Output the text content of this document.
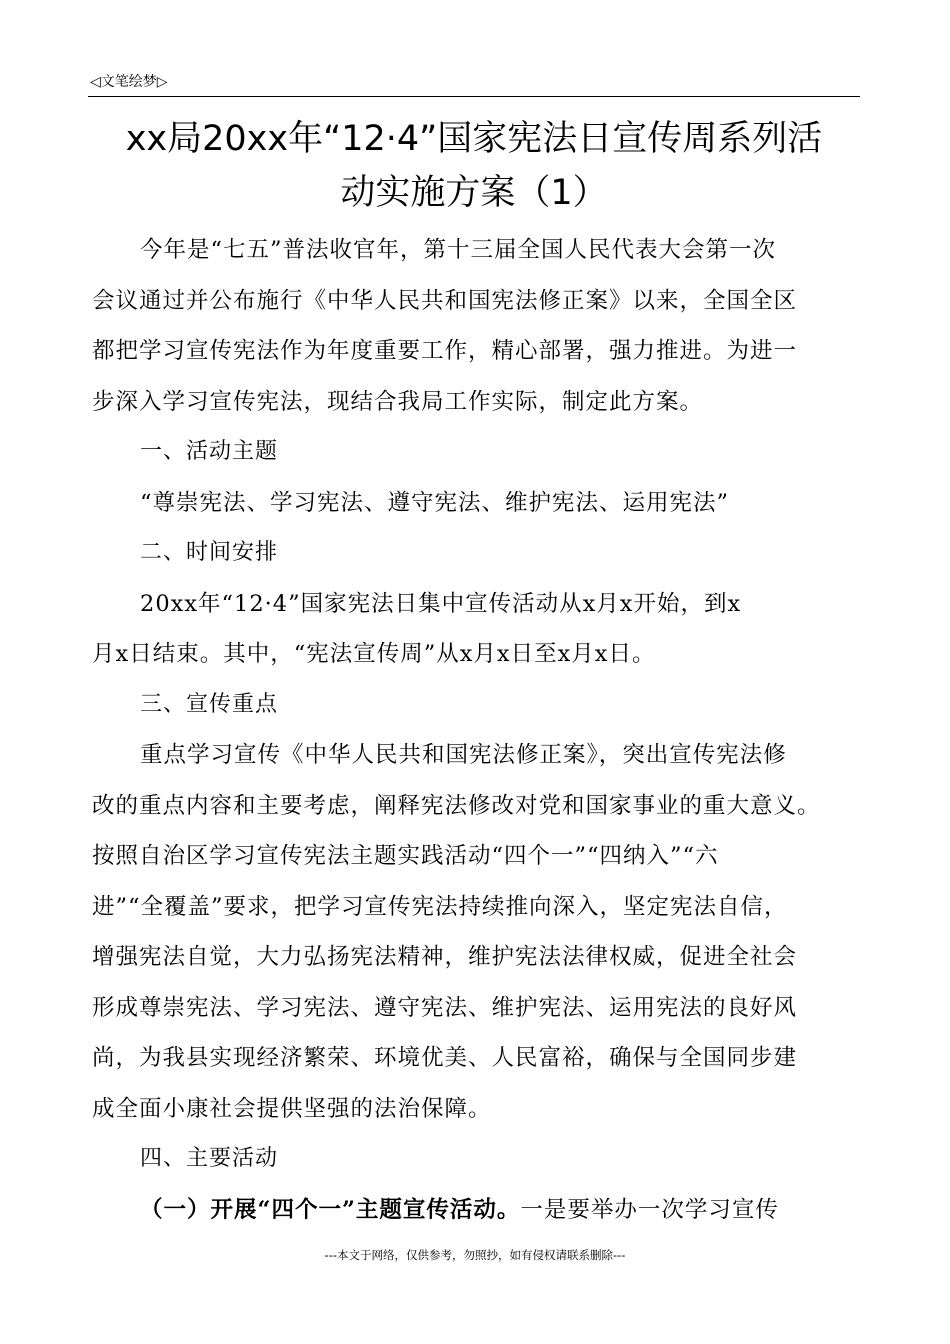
◁文笔绘梦▷
xx局20xx年“12·4”国家宪法日宣传周系列活
动实施方案（1）

今年是“七五”普法收官年，第十三届全国人民代表大会第一次
会议通过并公布施行《中华人民共和国宪法修正案》以来，全国全区
都把学习宣传宪法作为年度重要工作，精心部署，强力推进。为进一
步深入学习宣传宪法，现结合我局工作实际，制定此方案。

一、活动主题

“尊崇宪法、学习宪法、遵守宪法、维护宪法、运用宪法”

二、时间安排

20xx年“12·4”国家宪法日集中宣传活动从x月x开始，到x
月x日结束。其中，“宪法宣传周”从x月x日至x月x日。

三、宣传重点

重点学习宣传《中华人民共和国宪法修正案》，突出宣传宪法修
改的重点内容和主要考虑，阐释宪法修改对党和国家事业的重大意义。
按照自治区学习宣传宪法主题实践活动“四个一”“四纳入”“六
进”“全覆盖”要求，把学习宣传宪法持续推向深入，坚定宪法自信，
增强宪法自觉，大力弘扬宪法精神，维护宪法法律权威，促进全社会
形成尊崇宪法、学习宪法、遵守宪法、维护宪法、运用宪法的良好风
尚，为我县实现经济繁荣、环境优美、人民富裕，确保与全国同步建
成全面小康社会提供坚强的法治保障。

四、主要活动

（一）开展“四个一”主题宣传活动。一是要举办一次学习宣传

---本文于网络，仅供参考，勿照抄，如有侵权请联系删除---
